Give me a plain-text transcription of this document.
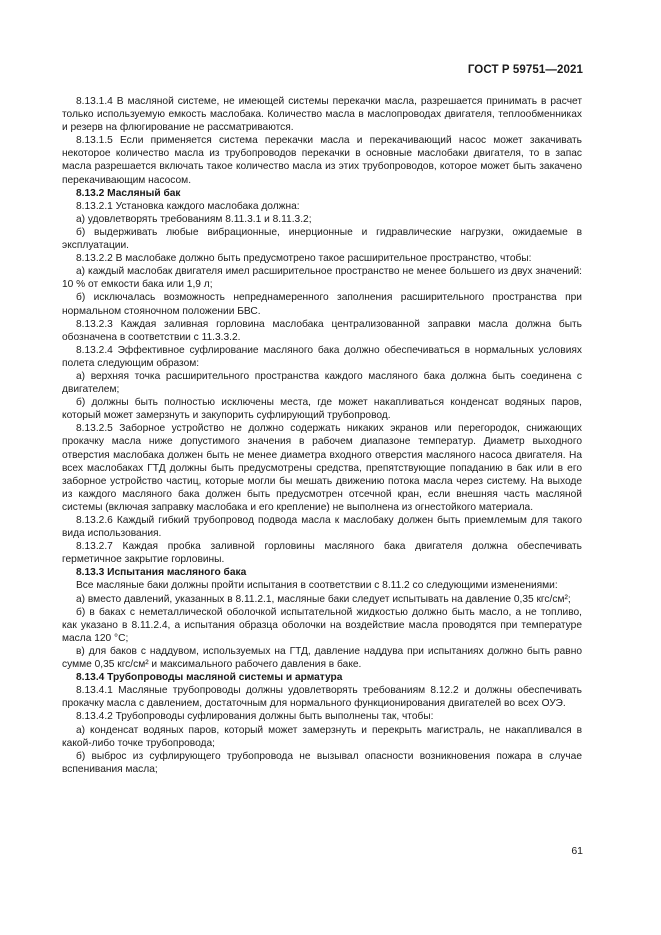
ГОСТ Р 59751—2021

8.13.1.4 В масляной системе, не имеющей системы перекачки масла, разрешается принимать в расчет только используемую емкость маслобака. Количество масла в маслопроводах двигателя, теплообменниках и резерв на флюгирование не рассматриваются.

8.13.1.5 Если применяется система перекачки масла и перекачивающий насос может закачивать некоторое количество масла из трубопроводов перекачки в основные маслобаки двигателя, то в запас масла разрешается включать такое количество масла из этих трубопроводов, которое может быть закачено перекачивающим насосом.

8.13.2 Масляный бак

8.13.2.1 Установка каждого маслобака должна:

а) удовлетворять требованиям 8.11.3.1 и 8.11.3.2;

б) выдерживать любые вибрационные, инерционные и гидравлические нагрузки, ожидаемые в эксплуатации.

8.13.2.2 В маслобаке должно быть предусмотрено такое расширительное пространство, чтобы:

а) каждый маслобак двигателя имел расширительное пространство не менее большего из двух значений: 10 % от емкости бака или 1,9 л;

б) исключалась возможность непреднамеренного заполнения расширительного пространства при нормальном стояночном положении БВС.

8.13.2.3 Каждая заливная горловина маслобака централизованной заправки масла должна быть обозначена в соответствии с 11.3.3.2.

8.13.2.4 Эффективное суфлирование масляного бака должно обеспечиваться в нормальных условиях полета следующим образом:

а) верхняя точка расширительного пространства каждого масляного бака должна быть соединена с двигателем;

б) должны быть полностью исключены места, где может накапливаться конденсат водяных паров, который может замерзнуть и закупорить суфлирующий трубопровод.

8.13.2.5 Заборное устройство не должно содержать никаких экранов или перегородок, снижающих прокачку масла ниже допустимого значения в рабочем диапазоне температур. Диаметр выходного отверстия маслобака должен быть не менее диаметра входного отверстия масляного насоса двигателя. На всех маслобаках ГТД должны быть предусмотрены средства, препятствующие попаданию в бак или в его заборное устройство частиц, которые могли бы мешать движению потока масла через систему. На выходе из каждого масляного бака должен быть предусмотрен отсечной кран, если внешняя часть масляной системы (включая заправку маслобака и его крепление) не выполнена из огнестойкого материала.

8.13.2.6 Каждый гибкий трубопровод подвода масла к маслобаку должен быть приемлемым для такого вида использования.

8.13.2.7 Каждая пробка заливной горловины масляного бака двигателя должна обеспечивать герметичное закрытие горловины.

8.13.3 Испытания масляного бака

Все масляные баки должны пройти испытания в соответствии с 8.11.2 со следующими изменениями:

а) вместо давлений, указанных в 8.11.2.1, масляные баки следует испытывать на давление 0,35 кгс/см²;

б) в баках с неметаллической оболочкой испытательной жидкостью должно быть масло, а не топливо, как указано в 8.11.2.4, а испытания образца оболочки на воздействие масла проводятся при температуре масла 120 °C;

в) для баков с наддувом, используемых на ГТД, давление наддува при испытаниях должно быть равно сумме 0,35 кгс/см² и максимального рабочего давления в баке.

8.13.4 Трубопроводы масляной системы и арматура

8.13.4.1 Масляные трубопроводы должны удовлетворять требованиям 8.12.2 и должны обеспечивать прокачку масла с давлением, достаточным для нормального функционирования двигателей во всех ОУЭ.

8.13.4.2 Трубопроводы суфлирования должны быть выполнены так, чтобы:

а) конденсат водяных паров, который может замерзнуть и перекрыть магистраль, не накапливался в какой-либо точке трубопровода;

б) выброс из суфлирующего трубопровода не вызывал опасности возникновения пожара в случае вспенивания масла;

61
